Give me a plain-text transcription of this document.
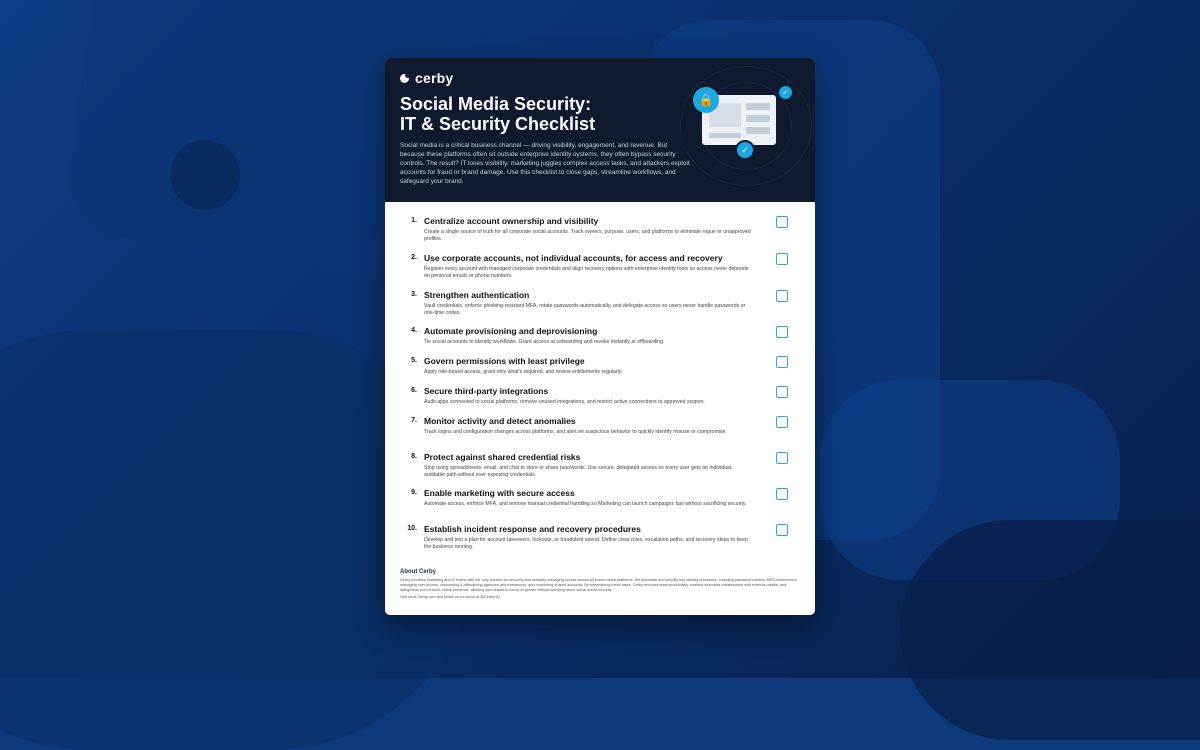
cerby
Social Media Security:
IT & Security Checklist
Social media is a critical business channel — driving visibility, engagement, and revenue. But because these platforms often sit outside enterprise identity systems, they often bypass security controls. The result? IT loses visibility, marketing juggles complex access tasks, and attackers exploit accounts for fraud or brand damage. Use this checklist to close gaps, streamline workflows, and safeguard your brand.
🔒
✓
✓
1. Centralize account ownership and visibility
Create a single source of truth for all corporate social accounts. Track owners, purpose, users, and platforms to eliminate rogue or unapproved profiles.
2. Use corporate accounts, not individual accounts, for access and recovery
Register every account with managed corporate credentials and align recovery options with enterprise identity tools so access never depends on personal emails or phone numbers.
3. Strengthen authentication
Vault credentials, enforce phishing-resistant MFA, rotate passwords automatically, and delegate access so users never handle passwords or one-time codes.
4. Automate provisioning and deprovisioning
Tie social accounts to identity workflows. Grant access at onboarding and revoke instantly at offboarding.
5. Govern permissions with least privilege
Apply role-based access, grant only what's required, and review entitlements regularly.
6. Secure third-party integrations
Audit apps connected to social platforms, remove unused integrations, and restrict active connections to approved scopes.
7. Monitor activity and detect anomalies
Track logins and configuration changes across platforms, and alert on suspicious behavior to quickly identify misuse or compromise.
8. Protect against shared credential risks
Stop using spreadsheets, email, and chat to store or share passwords. Use secure, delegated access so every user gets an individual, auditable path without ever exposing credentials.
9. Enable marketing with secure access
Automate access, enforce MFA, and remove manual credential handling so Marketing can launch campaigns fast without sacrificing security.
10. Establish incident response and recovery procedures
Develop and test a plan for account takeovers, lockouts, or fraudulent spend. Define clear roles, escalation paths, and recovery steps to keep the business running.
About Cerby
Cerby provides Marketing and IT teams with the only solution for securely and centrally managing access across all social media platforms. We automate and simplify key identity processes, including password rotation, MFA enforcement, managing user access, onboarding & offboarding agencies and freelancers, and monitoring shared accounts. By streamlining these tasks, Cerby removes team productivity, enables seamless collaboration with external parties, and safeguards your brand's online presence, allowing your teams to focus on growth without worrying about social media security.
Visit us at Cerby.com and follow us on social at @CerbyHQ.
